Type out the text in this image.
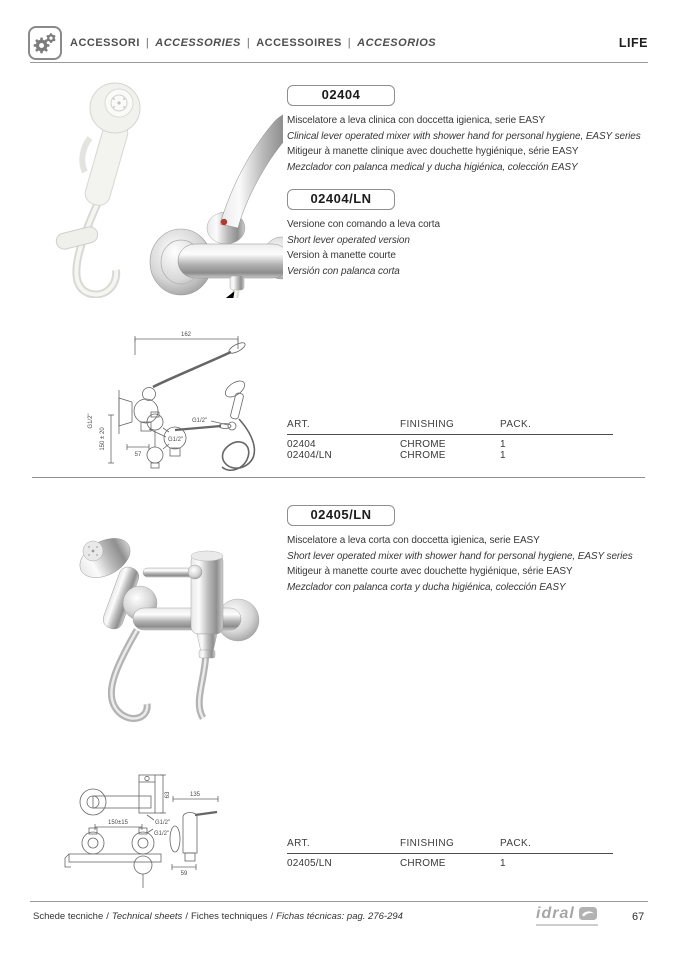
ACCESSORI | ACCESSORIES | ACCESSOIRES | ACCESORIOS	LIFE
02404
Miscelatore a leva clinica con doccetta igienica, serie EASY
Clinical lever operated mixer with shower hand for personal hygiene, EASY series
Mitigeur à manette clinique avec douchette hygiénique, série EASY
Mezclador con palanca medical y ducha higiénica, colección EASY
02404/LN
Versione con comando a leva corta
Short lever operated version
Version à manette courte
Versión con palanca corta
162
G1/2"
G1/2"
G1/2"
57
150 ± 20
ART.	FINISHING	PACK.
02404	CHROME	1
02404/LN	CHROME	1
02405/LN
Miscelatore a leva corta con doccetta igienica, serie EASY
Short lever operated mixer with shower hand for personal hygiene, EASY series
Mitigeur à manette courte avec douchette hygiénique, série EASY
Mezclador con palanca corta y ducha higiénica, colección EASY
63
G1/2"
150±15
G1/2"
135
59
ART.	FINISHING	PACK.
02405/LN	CHROME	1
Schede tecniche / Technical sheets / Fiches techniques / Fichas técnicas: pag. 276-294	idral	67
